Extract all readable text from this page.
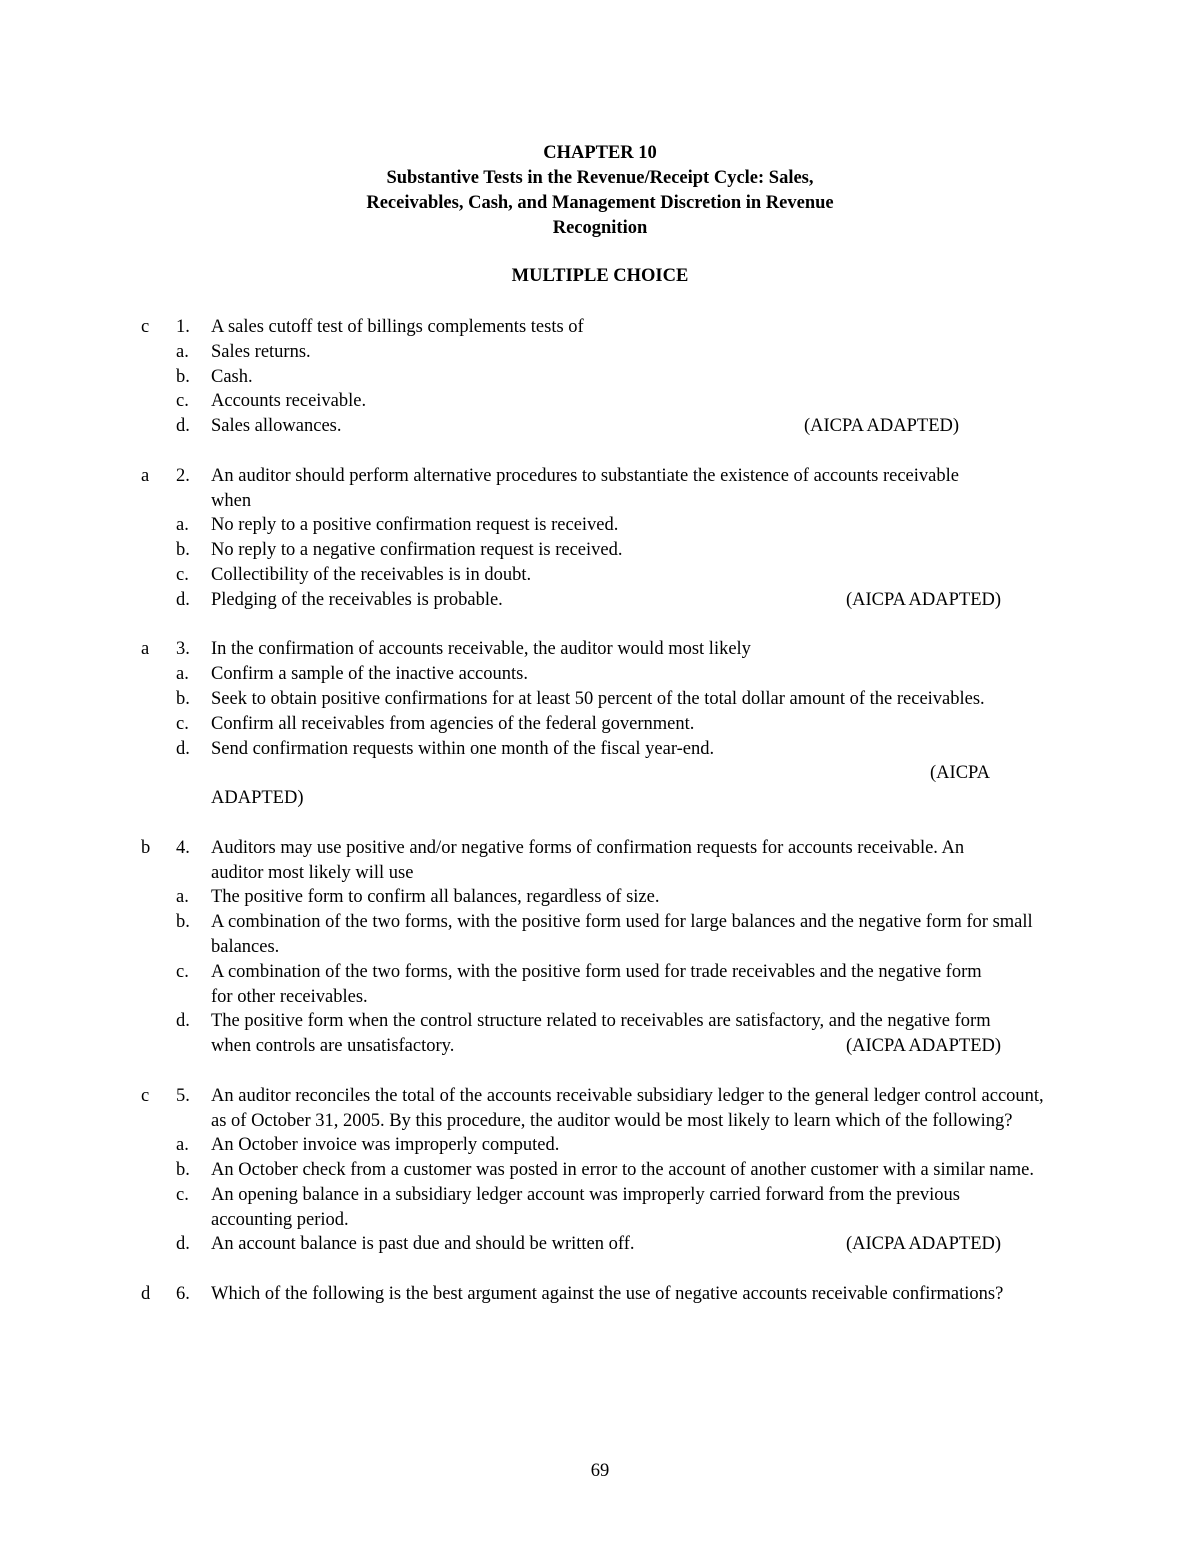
CHAPTER 10
Substantive Tests in the Revenue/Receipt Cycle: Sales,
Receivables, Cash, and Management Discretion in Revenue
Recognition
MULTIPLE CHOICE
c 1. A sales cutoff test of billings complements tests of
a. Sales returns.
b. Cash.
c. Accounts receivable.
d. Sales allowances.	(AICPA ADAPTED)
a 2. An auditor should perform alternative procedures to substantiate the existence of accounts receivable when
a. No reply to a positive confirmation request is received.
b. No reply to a negative confirmation request is received.
c. Collectibility of the receivables is in doubt.
d. Pledging of the receivables is probable.	(AICPA ADAPTED)
a 3. In the confirmation of accounts receivable, the auditor would most likely
a. Confirm a sample of the inactive accounts.
b. Seek to obtain positive confirmations for at least 50 percent of the total dollar amount of the receivables.
c. Confirm all receivables from agencies of the federal government.
d. Send confirmation requests within one month of the fiscal year-end.
(AICPA
ADAPTED)
b 4. Auditors may use positive and/or negative forms of confirmation requests for accounts receivable. An auditor most likely will use
a. The positive form to confirm all balances, regardless of size.
b. A combination of the two forms, with the positive form used for large balances and the negative form for small balances.
c. A combination of the two forms, with the positive form used for trade receivables and the negative form for other receivables.
d. The positive form when the control structure related to receivables are satisfactory, and the negative form when controls are unsatisfactory.	(AICPA ADAPTED)
c 5. An auditor reconciles the total of the accounts receivable subsidiary ledger to the general ledger control account, as of October 31, 2005. By this procedure, the auditor would be most likely to learn which of the following?
a. An October invoice was improperly computed.
b. An October check from a customer was posted in error to the account of another customer with a similar name.
c. An opening balance in a subsidiary ledger account was improperly carried forward from the previous accounting period.
d. An account balance is past due and should be written off.	(AICPA ADAPTED)
d 6. Which of the following is the best argument against the use of negative accounts receivable confirmations?
69
